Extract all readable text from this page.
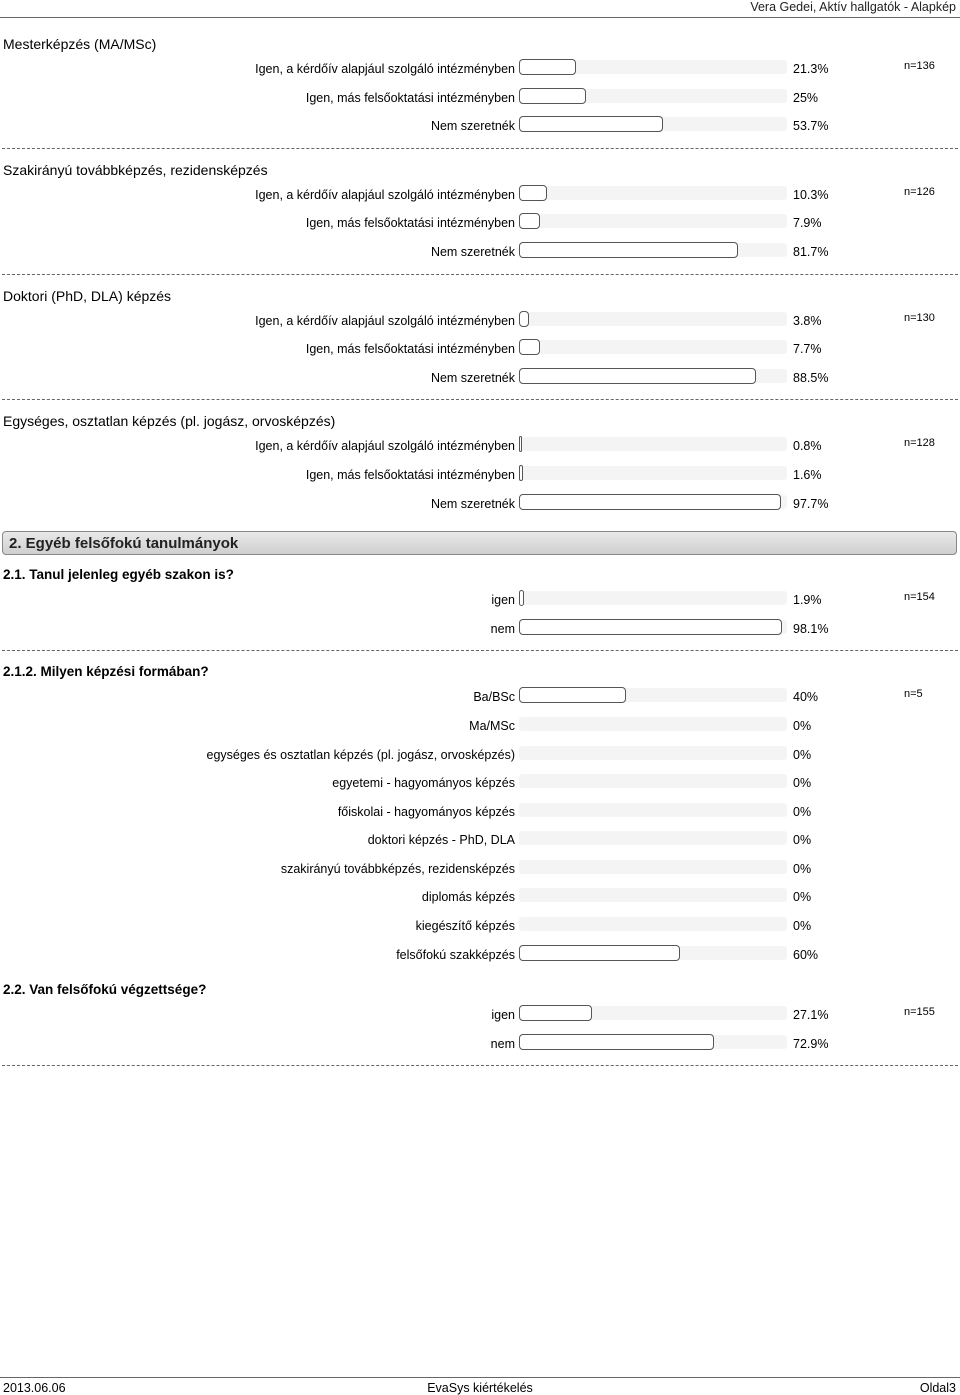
Vera Gedei, Aktív hallgatók - Alapkép
Mesterképzés (MA/MSc)
n=136
Igen, a kérdőív alapjául szolgáló intézményben	21.3%
Igen, más felsőoktatási intézményben	25%
Nem szeretnék	53.7%
Szakirányú továbbképzés, rezidensképzés
n=126
Igen, a kérdőív alapjául szolgáló intézményben	10.3%
Igen, más felsőoktatási intézményben	7.9%
Nem szeretnék	81.7%
Doktori (PhD, DLA) képzés
n=130
Igen, a kérdőív alapjául szolgáló intézményben	3.8%
Igen, más felsőoktatási intézményben	7.7%
Nem szeretnék	88.5%
Egységes, osztatlan képzés (pl. jogász, orvosképzés)
n=128
Igen, a kérdőív alapjául szolgáló intézményben	0.8%
Igen, más felsőoktatási intézményben	1.6%
Nem szeretnék	97.7%
2. Egyéb felsőfokú tanulmányok
2.1. Tanul jelenleg egyéb szakon is?
n=154
igen	1.9%
nem	98.1%
2.1.2. Milyen képzési formában?
n=5
Ba/BSc	40%
Ma/MSc	0%
egységes és osztatlan képzés (pl. jogász, orvosképzés)	0%
egyetemi - hagyományos képzés	0%
főiskolai - hagyományos képzés	0%
doktori képzés - PhD, DLA	0%
szakirányú továbbképzés, rezidensképzés	0%
diplomás képzés	0%
kiegészítő képzés	0%
felsőfokú szakképzés	60%
2.2. Van felsőfokú végzettsége?
n=155
igen	27.1%
nem	72.9%
2013.06.06	EvaSys kiértékelés	Oldal3
